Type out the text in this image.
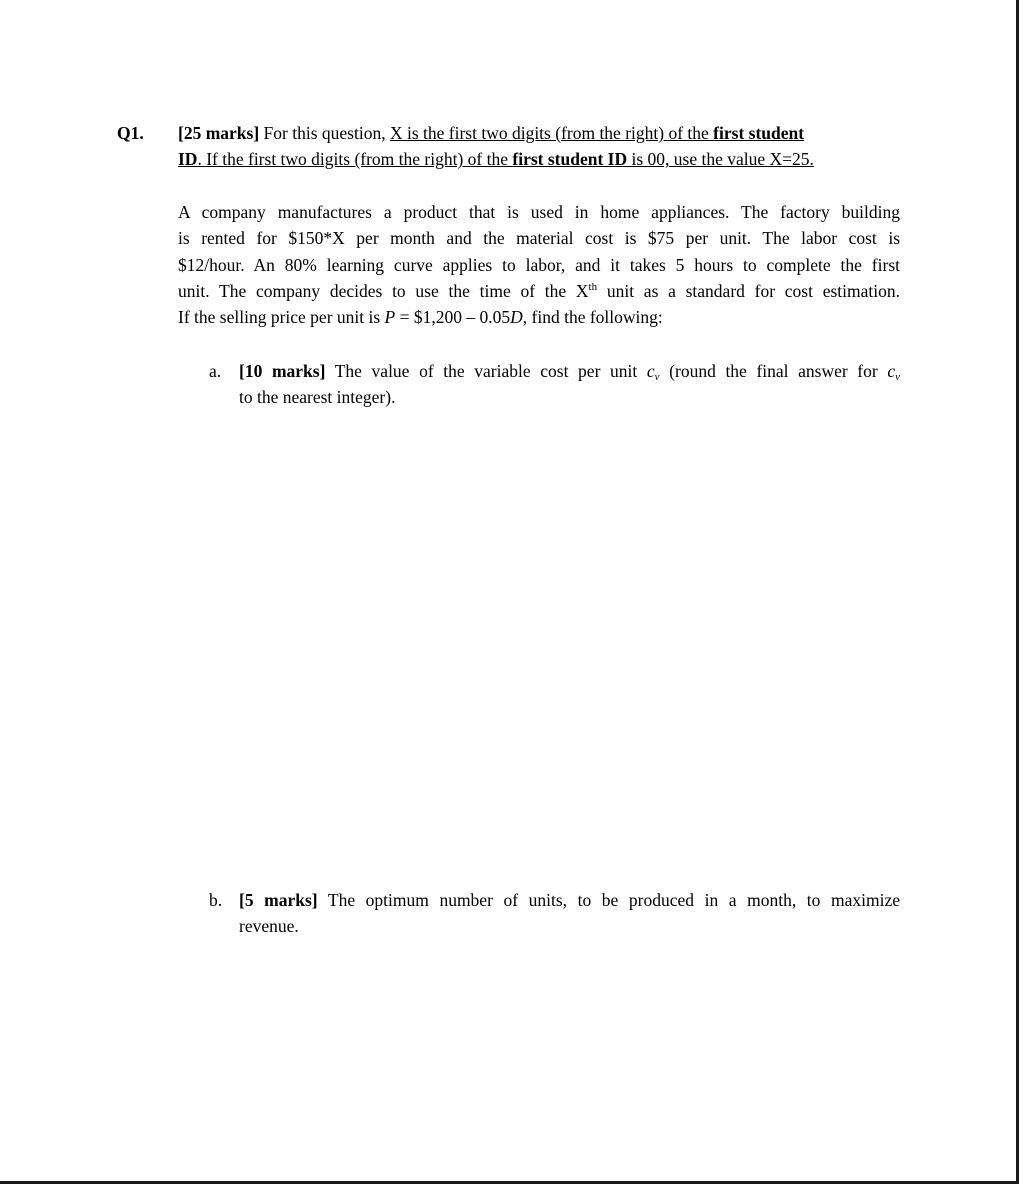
Q1. [25 marks] For this question, X is the first two digits (from the right) of the first student
ID. If the first two digits (from the right) of the first student ID is 00, use the value X=25.
A company manufactures a product that is used in home appliances. The factory building
is rented for $150*X per month and the material cost is $75 per unit. The labor cost is
$12/hour. An 80% learning curve applies to labor, and it takes 5 hours to complete the first
unit. The company decides to use the time of the Xth unit as a standard for cost estimation.
If the selling price per unit is P = $1,200 – 0.05D, find the following:
a. [10 marks] The value of the variable cost per unit $c_v$ (round the final answer for $c_v$
to the nearest integer).
b. [5 marks] The optimum number of units, to be produced in a month, to maximize
revenue.
